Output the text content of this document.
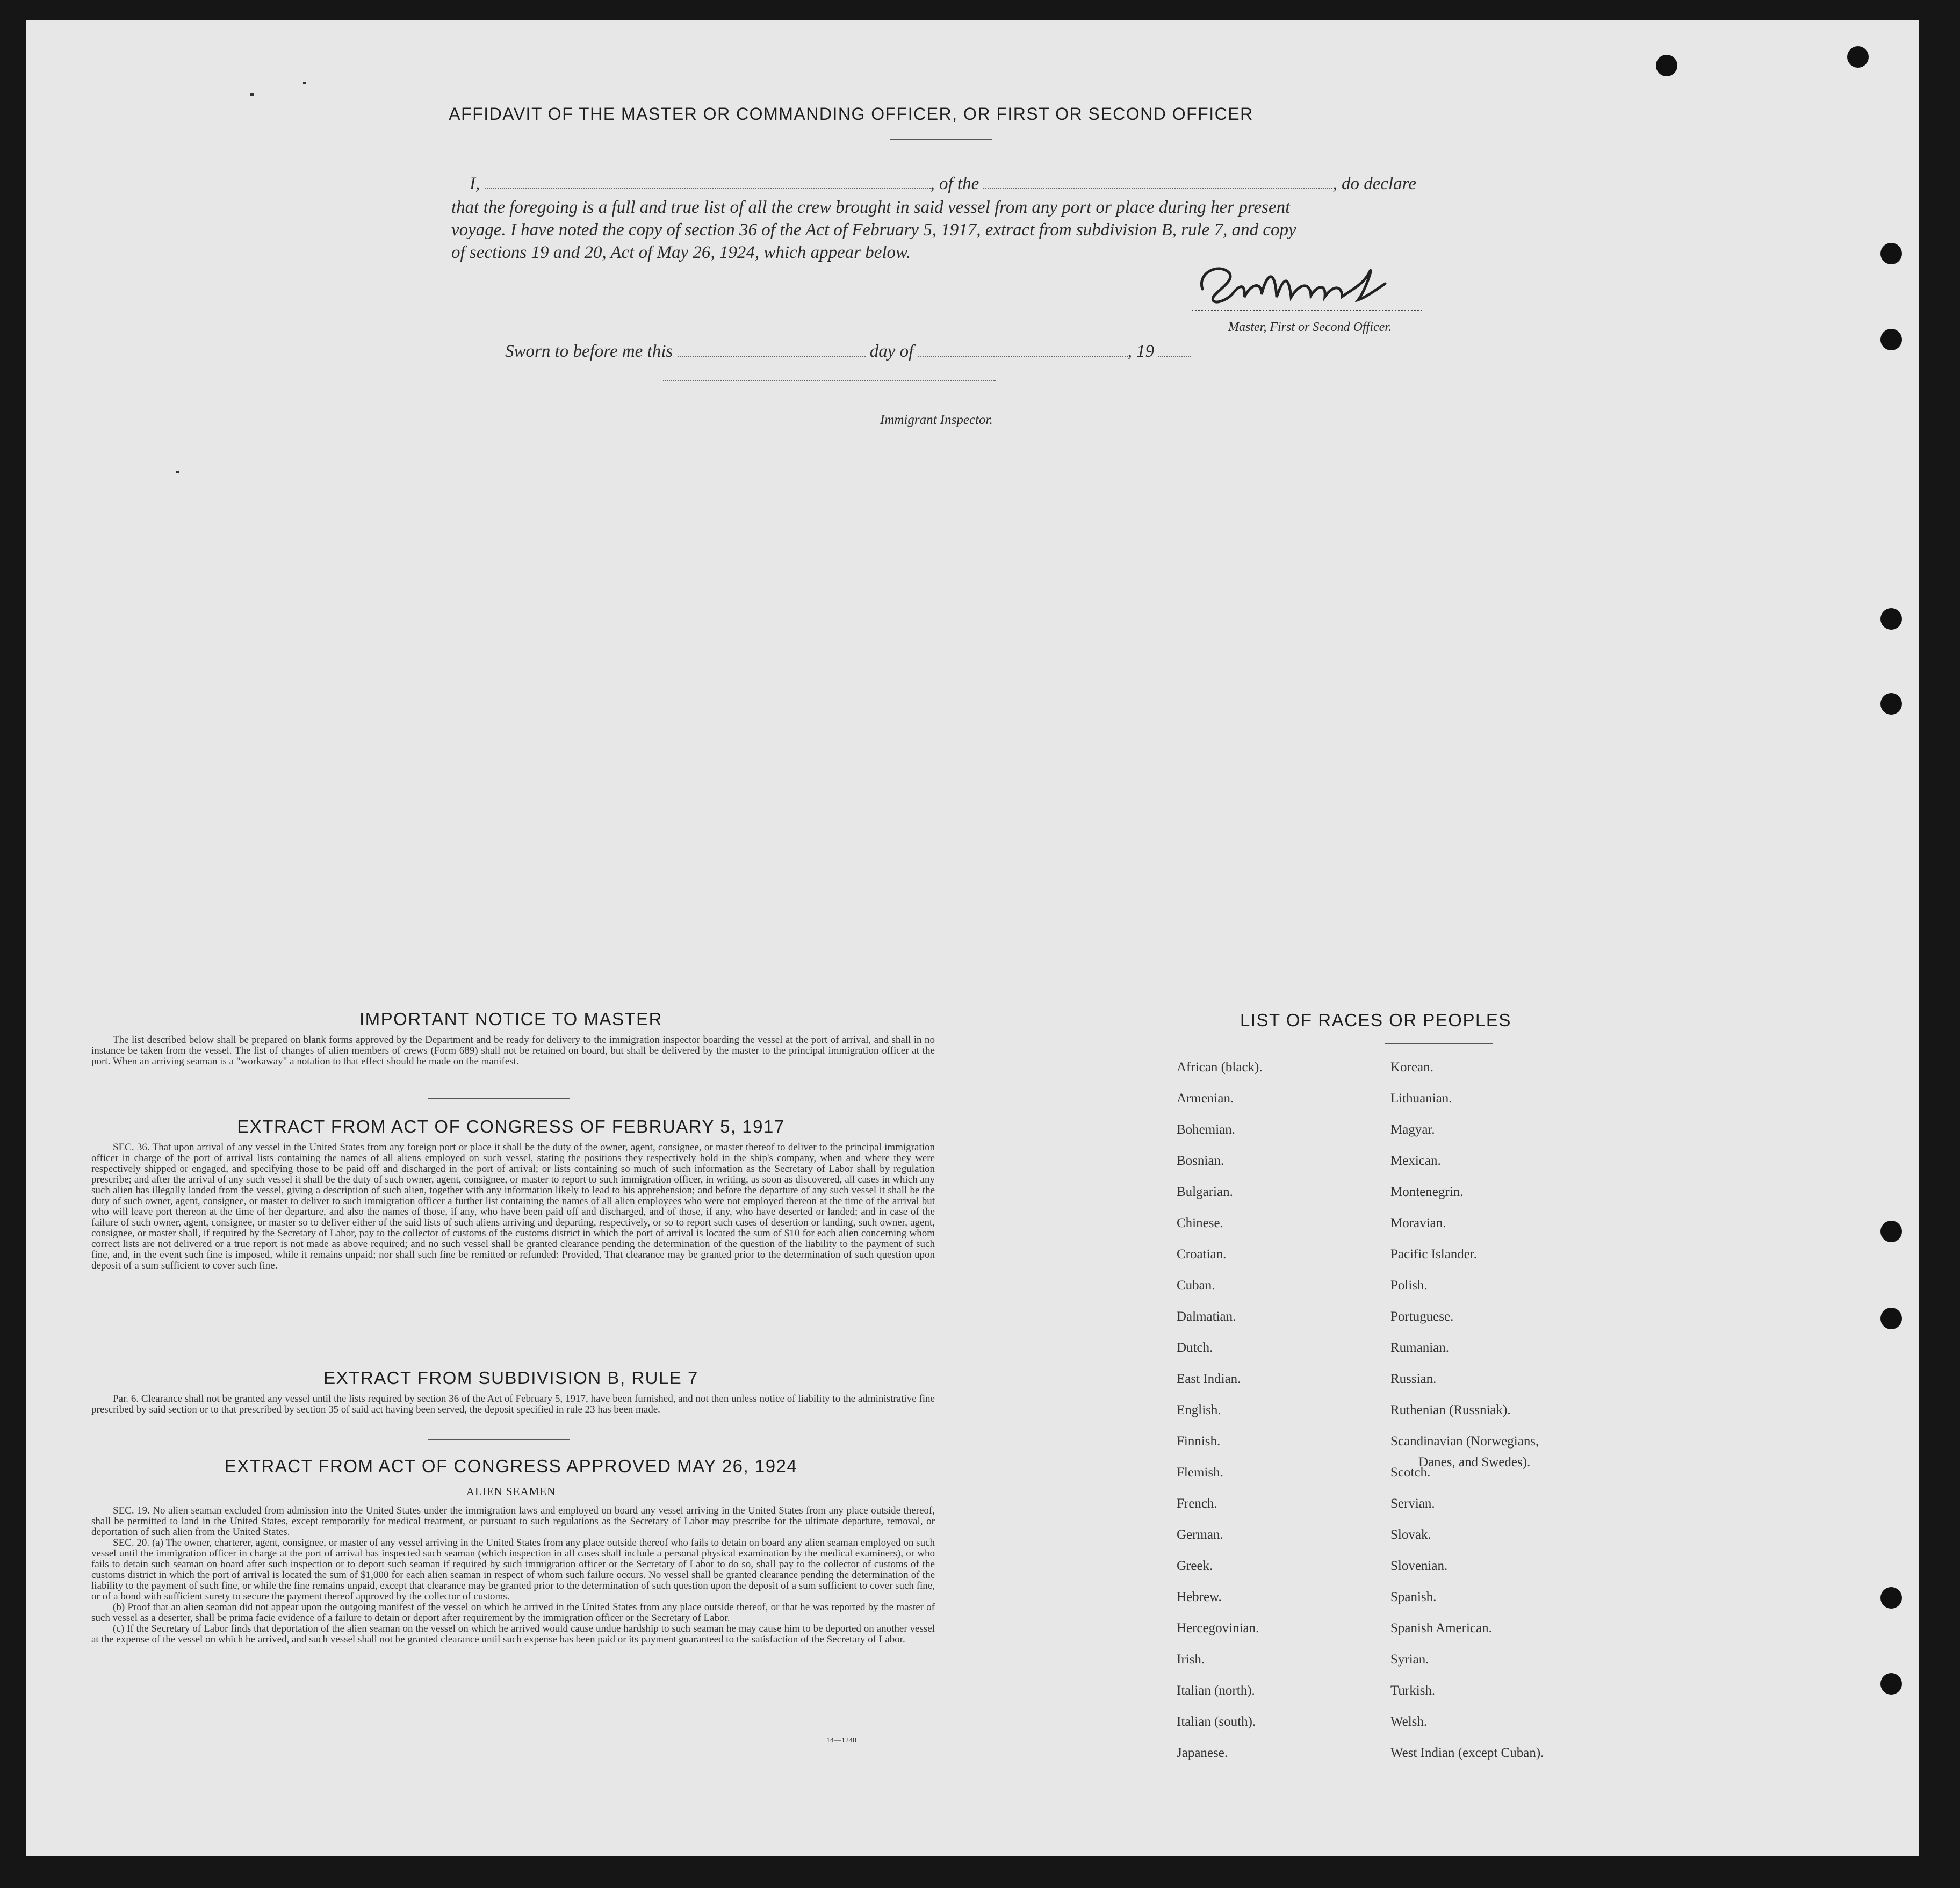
AFFIDAVIT OF THE MASTER OR COMMANDING OFFICER, OR FIRST OR SECOND OFFICER
I,	, of the	, do declare
that the foregoing is a full and true list of all the crew brought in said vessel from any port or place during her present
voyage. I have noted the copy of section 36 of the Act of February 5, 1917, extract from subdivision B, rule 7, and copy
of sections 19 and 20, Act of May 26, 1924, which appear below.
Master, First or Second Officer.
Sworn to before me this	day of	, 19
Immigrant Inspector.
IMPORTANT NOTICE TO MASTER

The list described below shall be prepared on blank forms approved by the Department and be ready for delivery to the immigration inspector boarding the vessel at the port of arrival, and shall in no instance be taken from the vessel. The list of changes of alien members of crews (Form 689) shall not be retained on board, but shall be delivered by the master to the principal immigration officer at the port. When an arriving seaman is a "workaway" a notation to that effect should be made on the manifest.

EXTRACT FROM ACT OF CONGRESS OF FEBRUARY 5, 1917

SEC. 36. That upon arrival of any vessel in the United States from any foreign port or place it shall be the duty of the owner, agent, consignee, or master thereof to deliver to the principal immigration officer in charge of the port of arrival lists containing the names of all aliens employed on such vessel, stating the positions they respectively hold in the ship's company, when and where they were respectively shipped or engaged, and specifying those to be paid off and discharged in the port of arrival; or lists containing so much of such information as the Secretary of Labor shall by regulation prescribe; and after the arrival of any such vessel it shall be the duty of such owner, agent, consignee, or master to report to such immigration officer, in writing, as soon as discovered, all cases in which any such alien has illegally landed from the vessel, giving a description of such alien, together with any information likely to lead to his apprehension; and before the departure of any such vessel it shall be the duty of such owner, agent, consignee, or master to deliver to such immigration officer a further list containing the names of all alien employees who were not employed thereon at the time of the arrival but who will leave port thereon at the time of her departure, and also the names of those, if any, who have been paid off and discharged, and of those, if any, who have deserted or landed; and in case of the failure of such owner, agent, consignee, or master so to deliver either of the said lists of such aliens arriving and departing, respectively, or so to report such cases of desertion or landing, such owner, agent, consignee, or master shall, if required by the Secretary of Labor, pay to the collector of customs of the customs district in which the port of arrival is located the sum of $10 for each alien concerning whom correct lists are not delivered or a true report is not made as above required; and no such vessel shall be granted clearance pending the determination of the question of the liability to the payment of such fine, and, in the event such fine is imposed, while it remains unpaid; nor shall such fine be remitted or refunded: Provided, That clearance may be granted prior to the determination of such question upon deposit of a sum sufficient to cover such fine.

EXTRACT FROM SUBDIVISION B, RULE 7

Par. 6. Clearance shall not be granted any vessel until the lists required by section 36 of the Act of February 5, 1917, have been furnished, and not then unless notice of liability to the administrative fine prescribed by said section or to that prescribed by section 35 of said act having been served, the deposit specified in rule 23 has been made.

EXTRACT FROM ACT OF CONGRESS APPROVED MAY 26, 1924
ALIEN SEAMEN

SEC. 19. No alien seaman excluded from admission into the United States under the immigration laws and employed on board any vessel arriving in the United States from any place outside thereof, shall be permitted to land in the United States, except temporarily for medical treatment, or pursuant to such regulations as the Secretary of Labor may prescribe for the ultimate departure, removal, or deportation of such alien from the United States.

SEC. 20. (a) The owner, charterer, agent, consignee, or master of any vessel arriving in the United States from any place outside thereof who fails to detain on board any alien seaman employed on such vessel until the immigration officer in charge at the port of arrival has inspected such seaman (which inspection in all cases shall include a personal physical examination by the medical examiners), or who fails to detain such seaman on board after such inspection or to deport such seaman if required by such immigration officer or the Secretary of Labor to do so, shall pay to the collector of customs of the customs district in which the port of arrival is located the sum of $1,000 for each alien seaman in respect of whom such failure occurs. No vessel shall be granted clearance pending the determination of the liability to the payment of such fine, or while the fine remains unpaid, except that clearance may be granted prior to the determination of such question upon the deposit of a sum sufficient to cover such fine, or of a bond with sufficient surety to secure the payment thereof approved by the collector of customs.

(b) Proof that an alien seaman did not appear upon the outgoing manifest of the vessel on which he arrived in the United States from any place outside thereof, or that he was reported by the master of such vessel as a deserter, shall be prima facie evidence of a failure to detain or deport after requirement by the immigration officer or the Secretary of Labor.

(c) If the Secretary of Labor finds that deportation of the alien seaman on the vessel on which he arrived would cause undue hardship to such seaman he may cause him to be deported on another vessel at the expense of the vessel on which he arrived, and such vessel shall not be granted clearance until such expense has been paid or its payment guaranteed to the satisfaction of the Secretary of Labor.

14—1240
LIST OF RACES OR PEOPLES
African (black).
Armenian.
Bohemian.
Bosnian.
Bulgarian.
Chinese.
Croatian.
Cuban.
Dalmatian.
Dutch.
East Indian.
English.
Finnish.
Flemish.
French.
German.
Greek.
Hebrew.
Hercegovinian.
Irish.
Italian (north).
Italian (south).
Japanese.
Korean.
Lithuanian.
Magyar.
Mexican.
Montenegrin.
Moravian.
Pacific Islander.
Polish.
Portuguese.
Rumanian.
Russian.
Ruthenian (Russniak).
Scandinavian (Norwegians,
Scotch.
Servian.
Slovak.
Slovenian.
Spanish.
Spanish American.
Syrian.
Turkish.
Welsh.
West Indian (except Cuban).
Danes, and Swedes).
